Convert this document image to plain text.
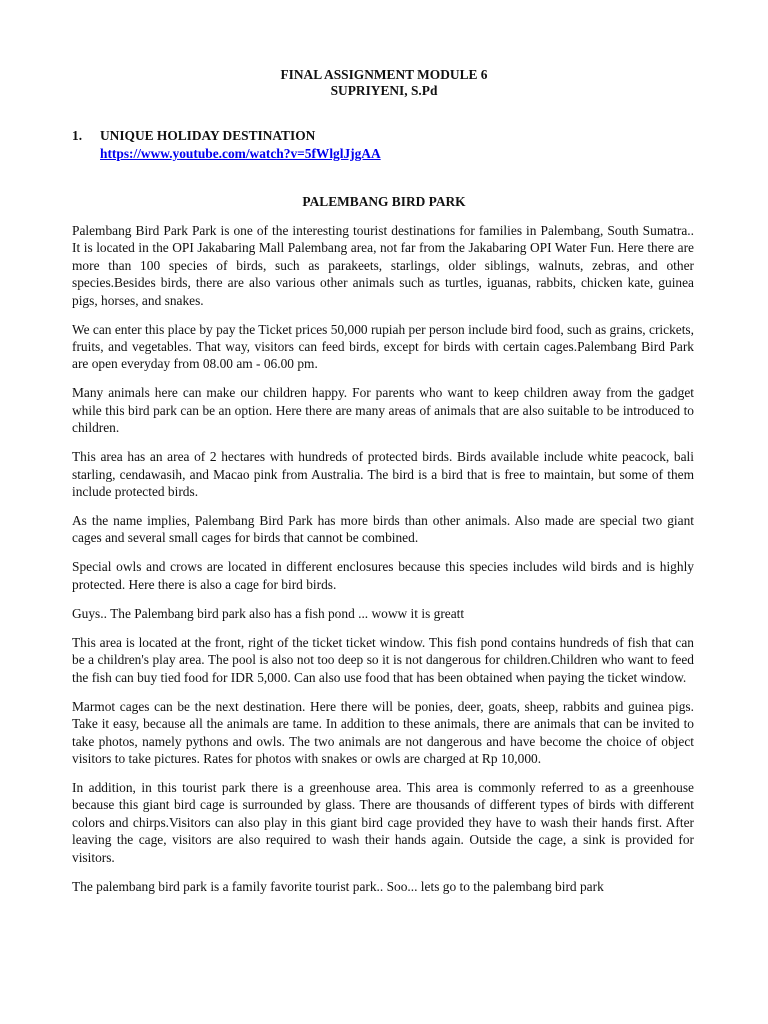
FINAL ASSIGNMENT MODULE 6
SUPRIYENI, S.Pd
1. UNIQUE HOLIDAY DESTINATION
https://www.youtube.com/watch?v=5fWlglJjgAA
PALEMBANG BIRD PARK

Palembang Bird Park Park is one of the interesting tourist destinations for families in Palembang, South Sumatra.. It is located in the OPI Jakabaring Mall Palembang area, not far from the Jakabaring OPI Water Fun. Here there are more than 100 species of birds, such as parakeets, starlings, older siblings, walnuts, zebras, and other species.Besides birds, there are also various other animals such as turtles, iguanas, rabbits, chicken kate, guinea pigs, horses, and snakes.

We can enter this place by pay the Ticket prices 50,000 rupiah per person include bird food, such as grains, crickets, fruits, and vegetables. That way, visitors can feed birds, except for birds with certain cages.Palembang Bird Park are open everyday from 08.00 am - 06.00 pm.

Many animals here can make our children happy. For parents who want to keep children away from the gadget while this bird park can be an option. Here there are many areas of animals that are also suitable to be introduced to children.

This area has an area of 2 hectares with hundreds of protected birds. Birds available include white peacock, bali starling, cendawasih, and Macao pink from Australia. The bird is a bird that is free to maintain, but some of them include protected birds.

As the name implies, Palembang Bird Park has more birds than other animals. Also made are special two giant cages and several small cages for birds that cannot be combined.

Special owls and crows are located in different enclosures because this species includes wild birds and is highly protected. Here there is also a cage for bird birds.

Guys.. The Palembang bird park also has a fish pond ... woww it is greatt

This area is located at the front, right of the ticket ticket window. This fish pond contains hundreds of fish that can be a children's play area. The pool is also not too deep so it is not dangerous for children.Children who want to feed the fish can buy tied food for IDR 5,000. Can also use food that has been obtained when paying the ticket window.

Marmot cages can be the next destination. Here there will be ponies, deer, goats, sheep, rabbits and guinea pigs. Take it easy, because all the animals are tame. In addition to these animals, there are animals that can be invited to take photos, namely pythons and owls. The two animals are not dangerous and have become the choice of object visitors to take pictures. Rates for photos with snakes or owls are charged at Rp 10,000.

In addition, in this tourist park there is a greenhouse area. This area is commonly referred to as a greenhouse because this giant bird cage is surrounded by glass. There are thousands of different types of birds with different colors and chirps.Visitors can also play in this giant bird cage provided they have to wash their hands first. After leaving the cage, visitors are also required to wash their hands again. Outside the cage, a sink is provided for visitors.

The palembang bird park is a family favorite tourist park.. Soo... lets go to the palembang bird park
